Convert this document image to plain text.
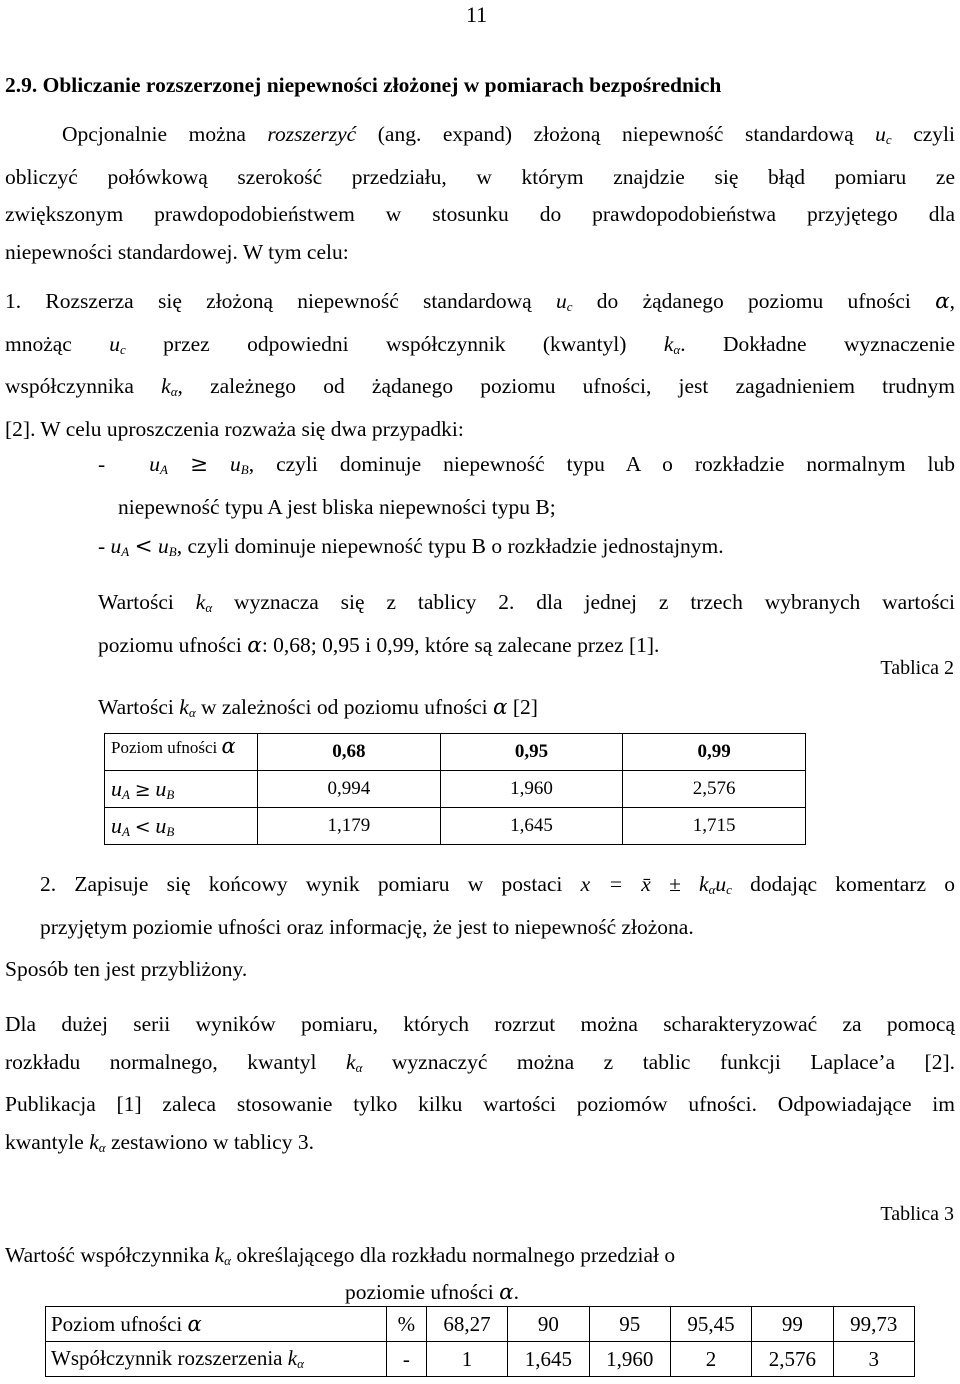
11
2.9. Obliczanie rozszerzonej niepewności złożonej w pomiarach bezpośrednich
Opcjonalnie można rozszerzyć (ang. expand) złożoną niepewność standardową $u_c$ czyli
obliczyć połówkową szerokość przedziału, w którym znajdzie się błąd pomiaru ze
zwiększonym prawdopodobieństwem w stosunku do prawdopodobieństwa przyjętego dla
niepewności standardowej. W tym celu:
1. Rozszerza się złożoną niepewność standardową $u_c$ do żądanego poziomu ufności α,
mnożąc $u_c$ przez odpowiedni współczynnik (kwantyl) $k_\alpha$. Dokładne wyznaczenie
współczynnika $k_\alpha$, zależnego od żądanego poziomu ufności, jest zagadnieniem trudnym
[2]. W celu uproszczenia rozważa się dwa przypadki:
- $u_A \ge u_B$, czyli dominuje niepewność typu A o rozkładzie normalnym lub
niepewność typu A jest bliska niepewności typu B;
- $u_A < u_B$, czyli dominuje niepewność typu B o rozkładzie jednostajnym.
Wartości $k_\alpha$ wyznacza się z tablicy 2. dla jednej z trzech wybranych wartości
poziomu ufności α: 0,68; 0,95 i 0,99, które są zalecane przez [1].
Tablica 2
Wartości $k_\alpha$ w zależności od poziomu ufności α [2]
Poziom ufności α	0,68	0,95	0,99
$u_A \ge u_B$	0,994	1,960	2,576
$u_A < u_B$	1,179	1,645	1,715
2. Zapisuje się końcowy wynik pomiaru w postaci x = x̄ ± $k_\alpha u_c$ dodając komentarz o
przyjętym poziomie ufności oraz informację, że jest to niepewność złożona.
Sposób ten jest przybliżony.
Dla dużej serii wyników pomiaru, których rozrzut można scharakteryzować za pomocą
rozkładu normalnego, kwantyl $k_\alpha$ wyznaczyć można z tablic funkcji Laplace’a [2].
Publikacja [1] zaleca stosowanie tylko kilku wartości poziomów ufności. Odpowiadające im
kwantyle $k_\alpha$ zestawiono w tablicy 3.
Tablica 3
Wartość współczynnika $k_\alpha$ określającego dla rozkładu normalnego przedział o
poziomie ufności α.
Poziom ufności α	%	68,27	90	95	95,45	99	99,73
Współczynnik rozszerzenia $k_\alpha$	-	1	1,645	1,960	2	2,576	3
